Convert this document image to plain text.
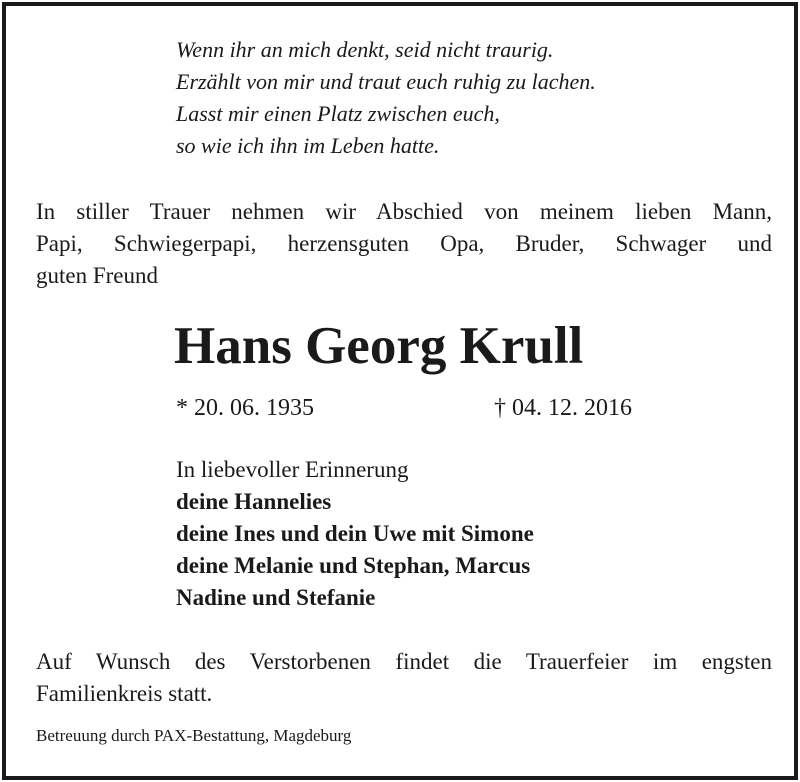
Wenn ihr an mich denkt, seid nicht traurig.
Erzählt von mir und traut euch ruhig zu lachen.
Lasst mir einen Platz zwischen euch,
so wie ich ihn im Leben hatte.
In stiller Trauer nehmen wir Abschied von meinem lieben Mann,
Papi, Schwiegerpapi, herzensguten Opa, Bruder, Schwager und
guten Freund
Hans Georg Krull
* 20. 06. 1935	† 04. 12. 2016
In liebevoller Erinnerung
deine Hannelies
deine Ines und dein Uwe mit Simone
deine Melanie und Stephan, Marcus
Nadine und Stefanie
Auf Wunsch des Verstorbenen findet die Trauerfeier im engsten
Familienkreis statt.
Betreuung durch PAX-Bestattung, Magdeburg
